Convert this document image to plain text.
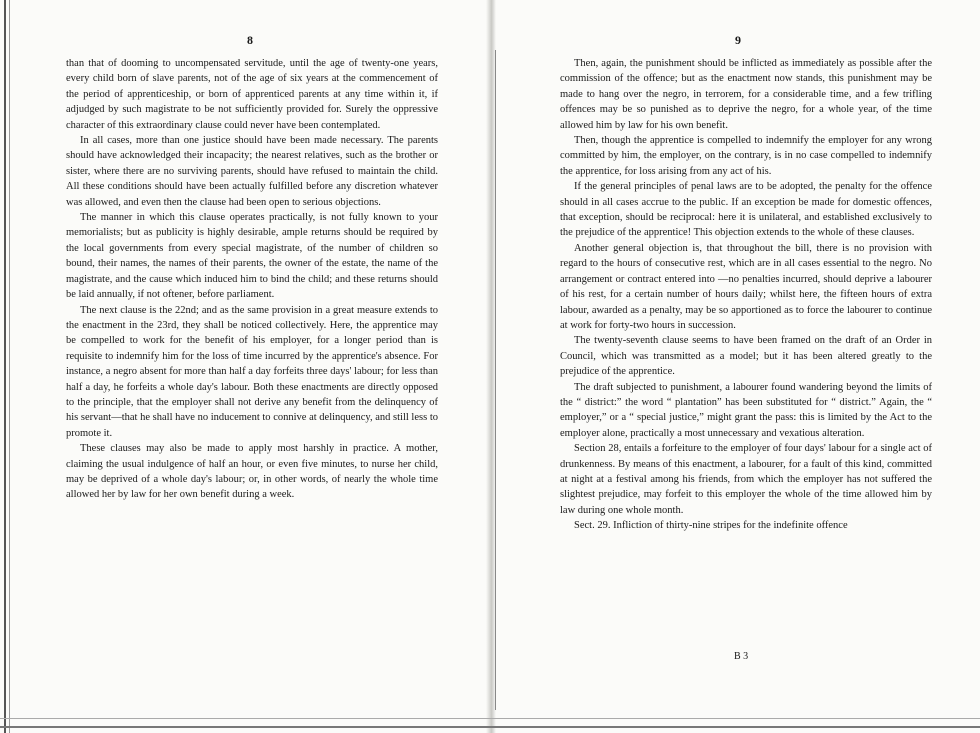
8

than that of dooming to uncompensated servitude, until the age of twenty-one years, every child born of slave parents, not of the age of six years at the commencement of the period of apprenticeship, or born of apprenticed parents at any time within it, if adjudged by such magistrate to be not sufficiently provided for. Surely the oppressive character of this extraordinary clause could never have been contemplated.

In all cases, more than one justice should have been made necessary. The parents should have acknowledged their incapacity; the nearest relatives, such as the brother or sister, where there are no surviving parents, should have refused to maintain the child. All these conditions should have been actually fulfilled before any discretion whatever was allowed, and even then the clause had been open to serious objections.

The manner in which this clause operates practically, is not fully known to your memorialists; but as publicity is highly desirable, ample returns should be required by the local governments from every special magistrate, of the number of children so bound, their names, the names of their parents, the owner of the estate, the name of the magistrate, and the cause which induced him to bind the child; and these returns should be laid annually, if not oftener, before parliament.

The next clause is the 22nd; and as the same provision in a great measure extends to the enactment in the 23rd, they shall be noticed collectively. Here, the apprentice may be compelled to work for the benefit of his employer, for a longer period than is requisite to indemnify him for the loss of time incurred by the apprentice's absence. For instance, a negro absent for more than half a day forfeits three days' labour; for less than half a day, he forfeits a whole day's labour. Both these enactments are directly opposed to the principle, that the employer shall not derive any benefit from the delinquency of his servant—that he shall have no inducement to connive at delinquency, and still less to promote it.

These clauses may also be made to apply most harshly in practice. A mother, claiming the usual indulgence of half an hour, or even five minutes, to nurse her child, may be deprived of a whole day's labour; or, in other words, of nearly the whole time allowed her by law for her own benefit during a week.

9

Then, again, the punishment should be inflicted as immediately as possible after the commission of the offence; but as the enactment now stands, this punishment may be made to hang over the negro, in terrorem, for a considerable time, and a few trifling offences may be so punished as to deprive the negro, for a whole year, of the time allowed him by law for his own benefit.

Then, though the apprentice is compelled to indemnify the employer for any wrong committed by him, the employer, on the contrary, is in no case compelled to indemnify the apprentice, for loss arising from any act of his.

If the general principles of penal laws are to be adopted, the penalty for the offence should in all cases accrue to the public. If an exception be made for domestic offences, that exception, should be reciprocal: here it is unilateral, and established exclusively to the prejudice of the apprentice! This objection extends to the whole of these clauses.

Another general objection is, that throughout the bill, there is no provision with regard to the hours of consecutive rest, which are in all cases essential to the negro. No arrangement or contract entered into —no penalties incurred, should deprive a labourer of his rest, for a certain number of hours daily; whilst here, the fifteen hours of extra labour, awarded as a penalty, may be so apportioned as to force the labourer to continue at work for forty-two hours in succession.

The twenty-seventh clause seems to have been framed on the draft of an Order in Council, which was transmitted as a model; but it has been altered greatly to the prejudice of the apprentice.

The draft subjected to punishment, a labourer found wandering beyond the limits of the “ district:” the word “ plantation” has been substituted for “ district.” Again, the “ employer,” or a “ special justice,” might grant the pass: this is limited by the Act to the employer alone, practically a most unnecessary and vexatious alteration.

Section 28, entails a forfeiture to the employer of four days' labour for a single act of drunkenness. By means of this enactment, a labourer, for a fault of this kind, committed at night at a festival among his friends, from which the employer has not suffered the slightest prejudice, may forfeit to this employer the whole of the time allowed him by law during one whole month.

Sect. 29. Infliction of thirty-nine stripes for the indefinite offence

B 3
